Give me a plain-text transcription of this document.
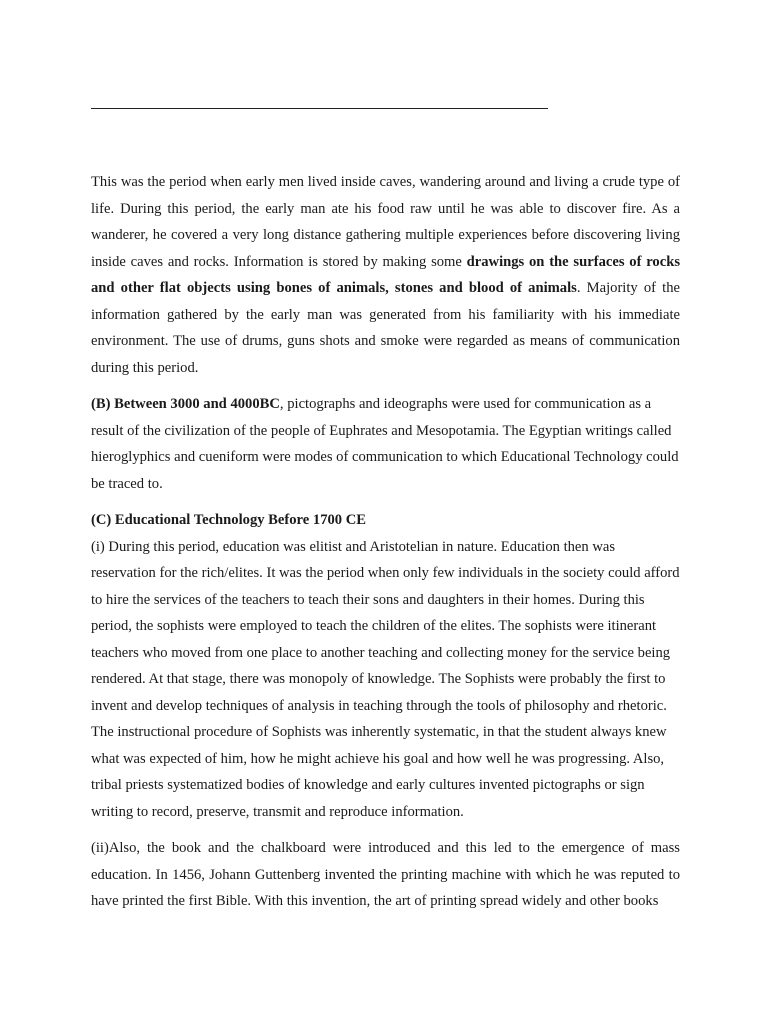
This was the period when early men lived inside caves, wandering around and living a crude type of life. During this period, the early man ate his food raw until he was able to discover fire. As a wanderer, he covered a very long distance gathering multiple experiences before discovering living inside caves and rocks. Information is stored by making some drawings on the surfaces of rocks and other flat objects using bones of animals, stones and blood of animals. Majority of the information gathered by the early man was generated from his familiarity with his immediate environment. The use of drums, guns shots and smoke were regarded as means of communication during this period.

(B) Between 3000 and 4000BC, pictographs and ideographs were used for communication as a result of the civilization of the people of Euphrates and Mesopotamia. The Egyptian writings called hieroglyphics and cueniform were modes of communication to which Educational Technology could be traced to.

(C) Educational Technology Before 1700 CE

(i) During this period, education was elitist and Aristotelian in nature. Education then was reservation for the rich/elites. It was the period when only few individuals in the society could afford to hire the services of the teachers to teach their sons and daughters in their homes. During this period, the sophists were employed to teach the children of the elites. The sophists were itinerant teachers who moved from one place to another teaching and collecting money for the service being rendered. At that stage, there was monopoly of knowledge. The Sophists were probably the first to invent and develop techniques of analysis in teaching through the tools of philosophy and rhetoric. The instructional procedure of Sophists was inherently systematic, in that the student always knew what was expected of him, how he might achieve his goal and how well he was progressing. Also, tribal priests systematized bodies of knowledge and early cultures invented pictographs or sign writing to record, preserve, transmit and reproduce information.

(ii)Also, the book and the chalkboard were introduced and this led to the emergence of mass education. In 1456, Johann Guttenberg invented the printing machine with which he was reputed to have printed the first Bible. With this invention, the art of printing spread widely and other books
